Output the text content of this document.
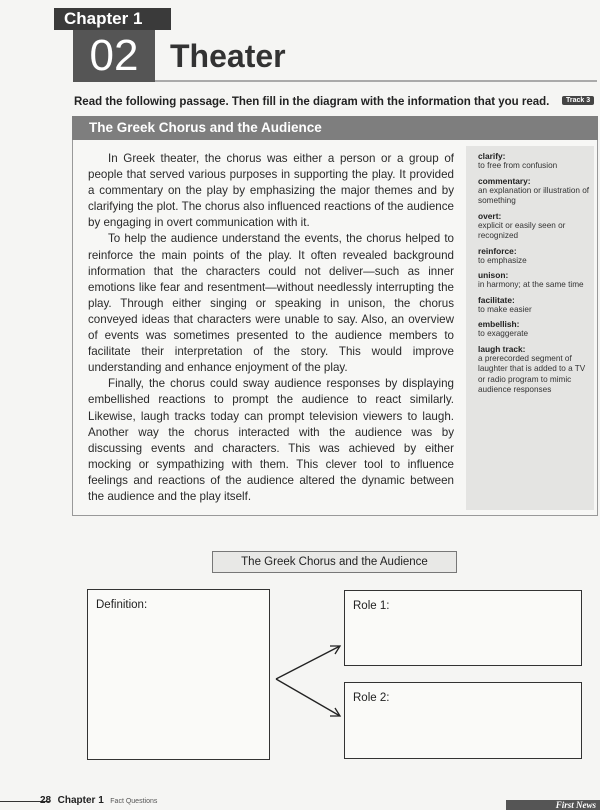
Chapter 1
02 Theater
Read the following passage. Then fill in the diagram with the information that you read.	Track 3
The Greek Chorus and the Audience

In Greek theater, the chorus was either a person or a group of people that served various purposes in supporting the play. It provided a commentary on the play by emphasizing the major themes and by clarifying the plot. The chorus also influenced reactions of the audience by engaging in overt communication with it.

To help the audience understand the events, the chorus helped to reinforce the main points of the play. It often revealed background information that the characters could not deliver—such as inner emotions like fear and resentment—without needlessly interrupting the play. Through either singing or speaking in unison, the chorus conveyed ideas that characters were unable to say. Also, an overview of events was sometimes presented to the audience members to facilitate their interpretation of the story. This would improve understanding and enhance enjoyment of the play.

Finally, the chorus could sway audience responses by displaying embellished reactions to prompt the audience to react similarly. Likewise, laugh tracks today can prompt television viewers to laugh. Another way the chorus interacted with the audience was by discussing events and characters. This was achieved by either mocking or sympathizing with them. This clever tool to influence feelings and reactions of the audience altered the dynamic between the audience and the play itself.

clarify:
to free from confusion
commentary:
an explanation or illustration of something
overt:
explicit or easily seen or recognized
reinforce:
to emphasize
unison:
in harmony; at the same time
facilitate:
to make easier
embellish:
to exaggerate
laugh track:
a prerecorded segment of laughter that is added to a TV or radio program to mimic audience responses
The Greek Chorus and the Audience
Definition:	Role 1:
Role 2:
28 Chapter 1 Fact Questions	First News
